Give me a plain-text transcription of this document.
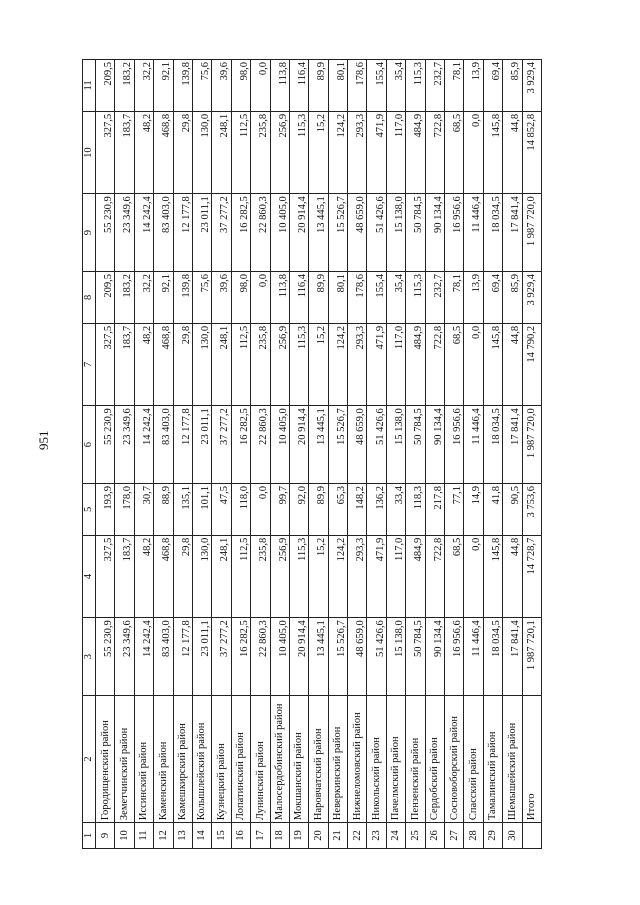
951
1	2	3	4	5	6	7	8	9	10	11
9	Городищенский район	55 230,9	327,5	193,9	55 230,9	327,5	209,5	55 230,9	327,5	209,5
10	Земетчинский район	23 349,6	183,7	178,0	23 349,6	183,7	183,2	23 349,6	183,7	183,2
11	Иссинский район	14 242,4	48,2	30,7	14 242,4	48,2	32,2	14 242,4	48,2	32,2
12	Каменский район	83 403,0	468,8	88,9	83 403,0	468,8	92,1	83 403,0	468,8	92,1
13	Камешкирский район	12 177,8	29,8	135,1	12 177,8	29,8	139,8	12 177,8	29,8	139,8
14	Колышлейский район	23 011,1	130,0	101,1	23 011,1	130,0	75,6	23 011,1	130,0	75,6
15	Кузнецкий район	37 277,2	248,1	47,5	37 277,2	248,1	39,6	37 277,2	248,1	39,6
16	Лопатинский район	16 282,5	112,5	118,0	16 282,5	112,5	98,0	16 282,5	112,5	98,0
17	Лунинский район	22 860,3	235,8	0,0	22 860,3	235,8	0,0	22 860,3	235,8	0,0
18	Малосердобинский район	10 405,0	256,9	99,7	10 405,0	256,9	113,8	10 405,0	256,9	113,8
19	Мокшанский район	20 914,4	115,3	92,0	20 914,4	115,3	116,4	20 914,4	115,3	116,4
20	Наровчатский район	13 445,1	15,2	89,9	13 445,1	15,2	89,9	13 445,1	15,2	89,9
21	Неверкинский район	15 526,7	124,2	65,3	15 526,7	124,2	80,1	15 526,7	124,2	80,1
22	Нижнеломовский район	48 659,0	293,3	148,2	48 659,0	293,3	178,6	48 659,0	293,3	178,6
23	Никольский район	51 426,6	471,9	136,2	51 426,6	471,9	155,4	51 426,6	471,9	155,4
24	Пачелмский район	15 138,0	117,0	33,4	15 138,0	117,0	35,4	15 138,0	117,0	35,4
25	Пензенский район	50 784,5	484,9	118,3	50 784,5	484,9	115,3	50 784,5	484,9	115,3
26	Сердобский район	90 134,4	722,8	217,8	90 134,4	722,8	232,7	90 134,4	722,8	232,7
27	Сосновоборский район	16 956,6	68,5	77,1	16 956,6	68,5	78,1	16 956,6	68,5	78,1
28	Спасский район	11 446,4	0,0	14,9	11 446,4	0,0	13,9	11 446,4	0,0	13,9
29	Тамалинский район	18 034,5	145,8	41,8	18 034,5	145,8	69,4	18 034,5	145,8	69,4
30	Шемышейский район	17 841,4	44,8	90,5	17 841,4	44,8	85,9	17 841,4	44,8	85,9
	Итого	1 987 720,1	14 728,7	3 753,6	1 987 720,0	14 790,2	3 929,4	1 987 720,0	14 852,8	3 929,4
